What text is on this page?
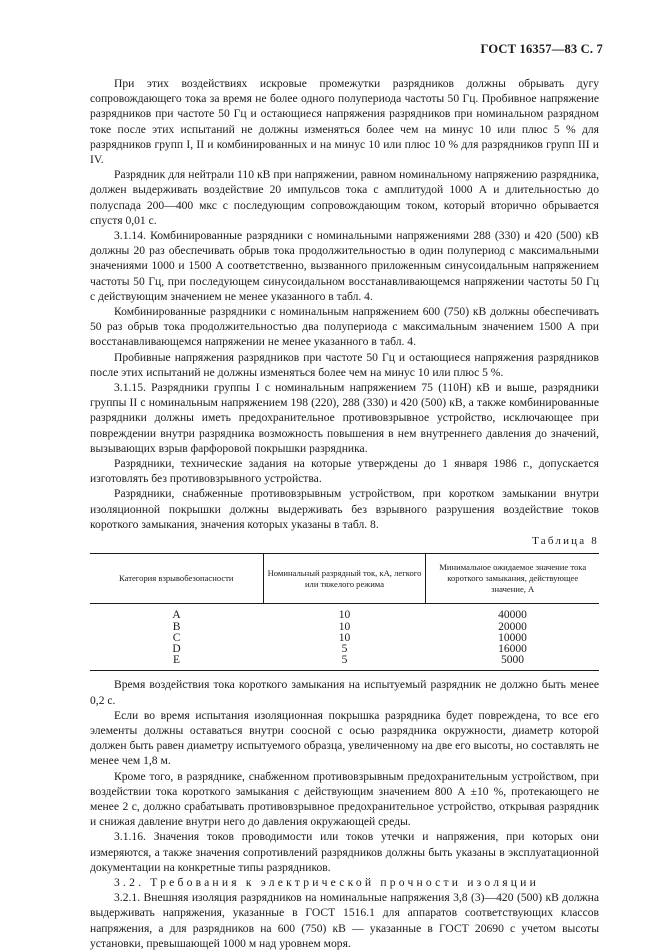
ГОСТ 16357—83 С. 7

При этих воздействиях искровые промежутки разрядников должны обрывать дугу сопровождающего тока за время не более одного полупериода частоты 50 Гц. Пробивное напряжение разрядников при частоте 50 Гц и остающиеся напряжения разрядников при номинальном разрядном токе после этих испытаний не должны изменяться более чем на минус 10 или плюс 5 % для разрядников групп I, II и комбинированных и на минус 10 или плюс 10 % для разрядников групп III и IV.

Разрядник для нейтрали 110 кВ при напряжении, равном номинальному напряжению разрядника, должен выдерживать воздействие 20 импульсов тока с амплитудой 1000 А и длительностью до полуспада 200—400 мкс с последующим сопровождающим током, который вторично обрывается спустя 0,01 с.

3.1.14. Комбинированные разрядники с номинальными напряжениями 288 (330) и 420 (500) кВ должны 20 раз обеспечивать обрыв тока продолжительностью в один полупериод с максимальными значениями 1000 и 1500 А соответственно, вызванного приложенным синусоидальным напряжением частоты 50 Гц, при последующем синусоидальном восстанавливающемся напряжении частоты 50 Гц с действующим значением не менее указанного в табл. 4.

Комбинированные разрядники с номинальным напряжением 600 (750) кВ должны обеспечивать 50 раз обрыв тока продолжительностью два полупериода с максимальным значением 1500 А при восстанавливающемся напряжении не менее указанного в табл. 4.

Пробивные напряжения разрядников при частоте 50 Гц и остающиеся напряжения разрядников после этих испытаний не должны изменяться более чем на минус 10 или плюс 5 %.

3.1.15. Разрядники группы I с номинальным напряжением 75 (110Н) кВ и выше, разрядники группы II с номинальным напряжением 198 (220), 288 (330) и 420 (500) кВ, а также комбинированные разрядники должны иметь предохранительное противовзрывное устройство, исключающее при повреждении внутри разрядника возможность повышения в нем внутреннего давления до значений, вызывающих взрыв фарфоровой покрышки разрядника.

Разрядники, технические задания на которые утверждены до 1 января 1986 г., допускается изготовлять без противовзрывного устройства.

Разрядники, снабженные противовзрывным устройством, при коротком замыкании внутри изоляционной покрышки должны выдерживать без взрывного разрушения воздействие токов короткого замыкания, значения которых указаны в табл. 8.

Таблица 8
Категория взрывобезопасности	Номинальный разрядный ток, кА, легкого или тяжелого режима	Минимальное ожидаемое значение тока короткого замыкания, действующее значение, А
А	10	40000
В	10	20000
С	10	10000
D	5	16000
Е	5	5000

Время воздействия тока короткого замыкания на испытуемый разрядник не должно быть менее 0,2 с.

Если во время испытания изоляционная покрышка разрядника будет повреждена, то все его элементы должны оставаться внутри соосной с осью разрядника окружности, диаметр которой должен быть равен диаметру испытуемого образца, увеличенному на две его высоты, но составлять не менее чем 1,8 м.

Кроме того, в разряднике, снабженном противовзрывным предохранительным устройством, при воздействии тока короткого замыкания с действующим значением 800 А ±10 %, протекающего не менее 2 с, должно срабатывать противовзрывное предохранительное устройство, открывая разрядник и снижая давление внутри него до давления окружающей среды.

3.1.16. Значения токов проводимости или токов утечки и напряжения, при которых они измеряются, а также значения сопротивлений разрядников должны быть указаны в эксплуатационной документации на конкретные типы разрядников.

3.2. Требования к электрической прочности изоляции

3.2.1. Внешняя изоляция разрядников на номинальные напряжения 3,8 (3)—420 (500) кВ должна выдерживать напряжения, указанные в ГОСТ 1516.1 для аппаратов соответствующих классов напряжения, а для разрядников на 600 (750) кВ — указанные в ГОСТ 20690 с учетом высоты установки, превышающей 1000 м над уровнем моря.
